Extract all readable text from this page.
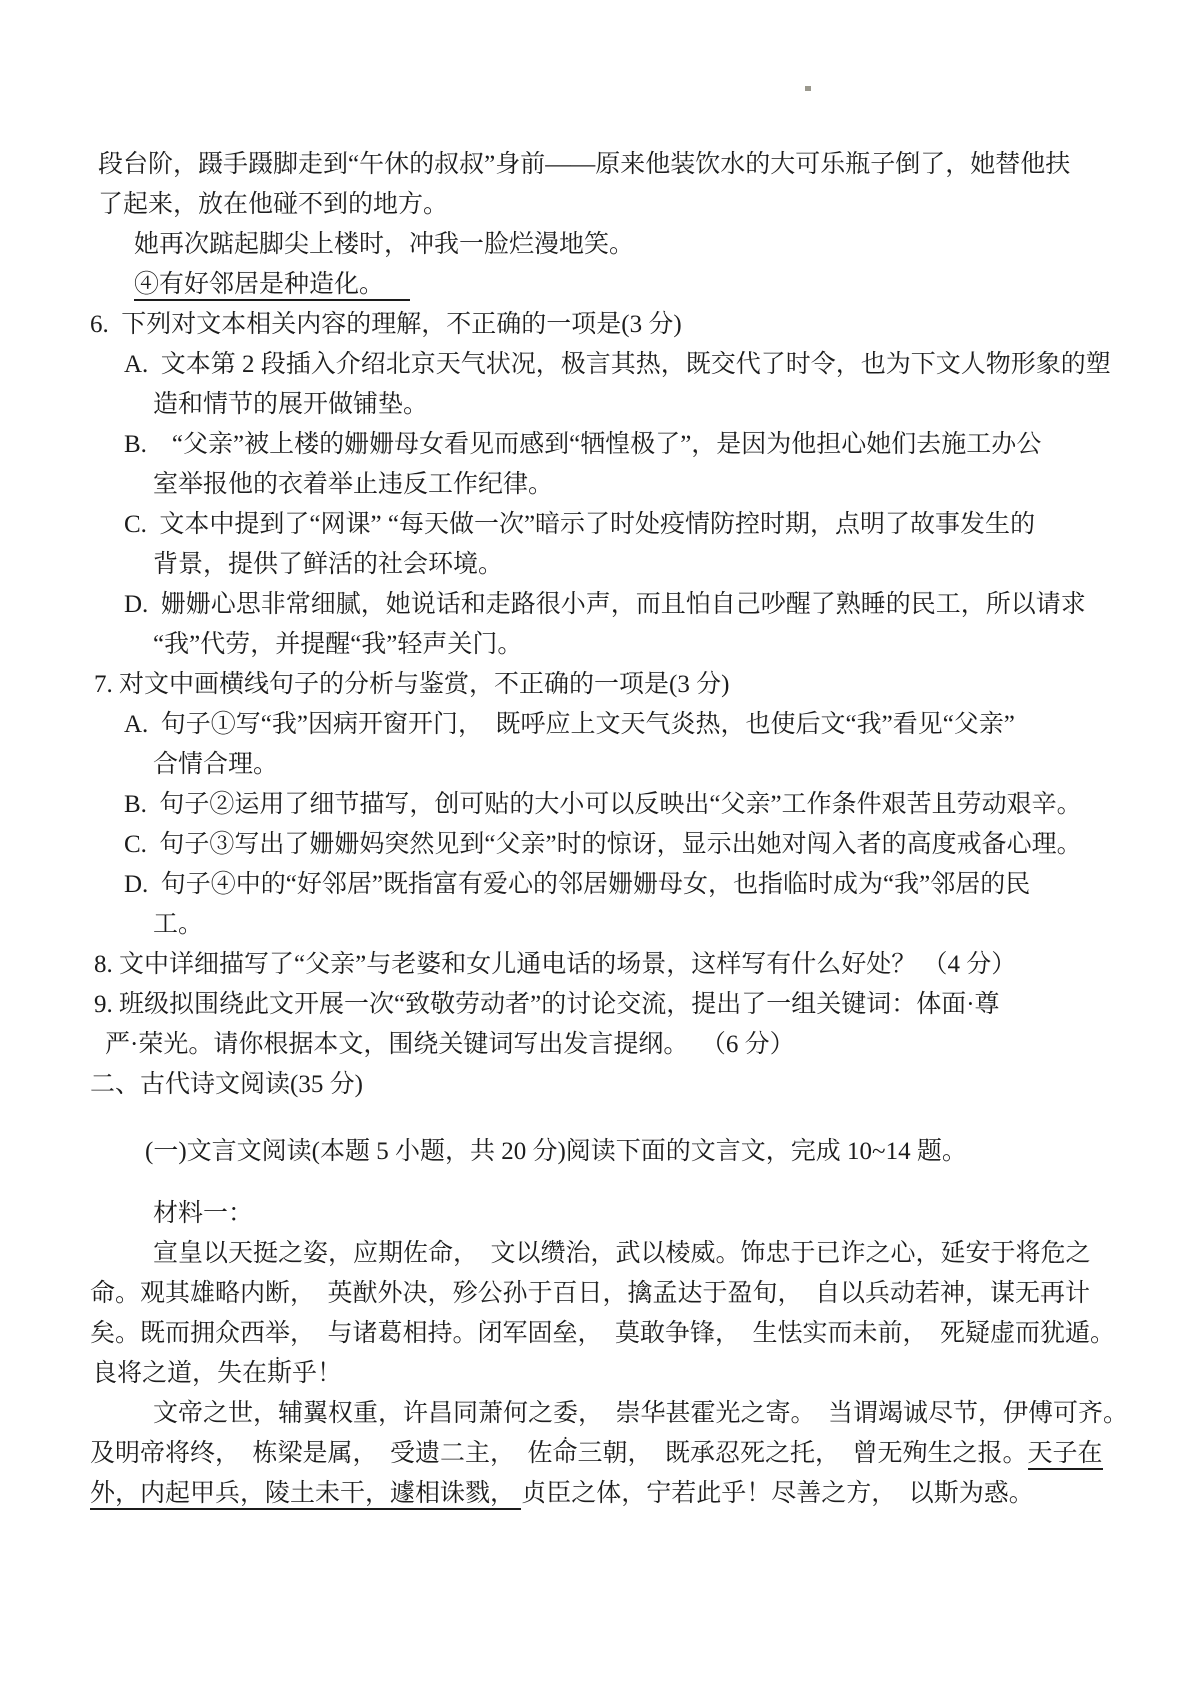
段台阶，蹑手蹑脚走到“午休的叔叔”身前——原来他装饮水的大可乐瓶子倒了，她替他扶
了起来，放在他碰不到的地方。
她再次踮起脚尖上楼时，冲我一脸烂漫地笑。
④有好邻居是种造化。
6.  下列对文本相关内容的理解，不正确的一项是(3 分)
A.  文本第 2 段插入介绍北京天气状况，极言其热，既交代了时令，也为下文人物形象的塑
造和情节的展开做铺垫。
B.    “父亲”被上楼的姗姗母女看见而感到“牺惶极了”，是因为他担心她们去施工办公
室举报他的衣着举止违反工作纪律。
C.  文本中提到了“网课” “每天做一次”暗示了时处疫情防控时期，点明了故事发生的
背景，提供了鲜活的社会环境。
D.  姗姗心思非常细腻，她说话和走路很小声，而且怕自己吵醒了熟睡的民工，所以请求
“我”代劳，并提醒“我”轻声关门。
7. 对文中画横线句子的分析与鉴赏，不正确的一项是(3 分)
A.  句子①写“我”因病开窗开门，  既呼应上文天气炎热，也使后文“我”看见“父亲”
合情合理。
B.  句子②运用了细节描写，创可贴的大小可以反映出“父亲”工作条件艰苦且劳动艰辛。
C.  句子③写出了姗姗妈突然见到“父亲”时的惊讶，显示出她对闯入者的高度戒备心理。
D.  句子④中的“好邻居”既指富有爱心的邻居姗姗母女，也指临时成为“我”邻居的民
工。
8. 文中详细描写了“父亲”与老婆和女儿通电话的场景，这样写有什么好处？ （4 分）
9. 班级拟围绕此文开展一次“致敬劳动者”的讨论交流，提出了一组关键词：体面·尊
严·荣光。请你根据本文，围绕关键词写出发言提纲。  （6 分）
二、古代诗文阅读(35 分)
(一)文言文阅读(本题 5 小题，共 20 分)阅读下面的文言文，完成 10~14 题。
材料一：
宣皇以天挺之姿，应期佐命，  文以缵治，武以棱威。饰忠于已诈之心，延安于将危之
命。观其雄略内断，  英猷外决，殄公孙于百日，擒孟达于盈旬，  自以兵动若神，谋无再计
矣。既而拥众西举，  与诸葛相持。闭军固垒，  莫敢争锋，  生怯实而未前，  死疑虚而犹遁。
良将之道，失在斯乎！
文帝之世，辅翼权重，许昌同萧何之委，  崇华甚霍光之寄。  当谓竭诚尽节，伊傅可齐。
及明帝将终，  栋梁是属，  受遗二主，  佐命三朝，  既承忍死之托，  曾无殉生之报。天子在
外，内起甲兵，陵土未干，遽相诛戮， 贞臣之体，宁若此乎！尽善之方，  以斯为惑。
